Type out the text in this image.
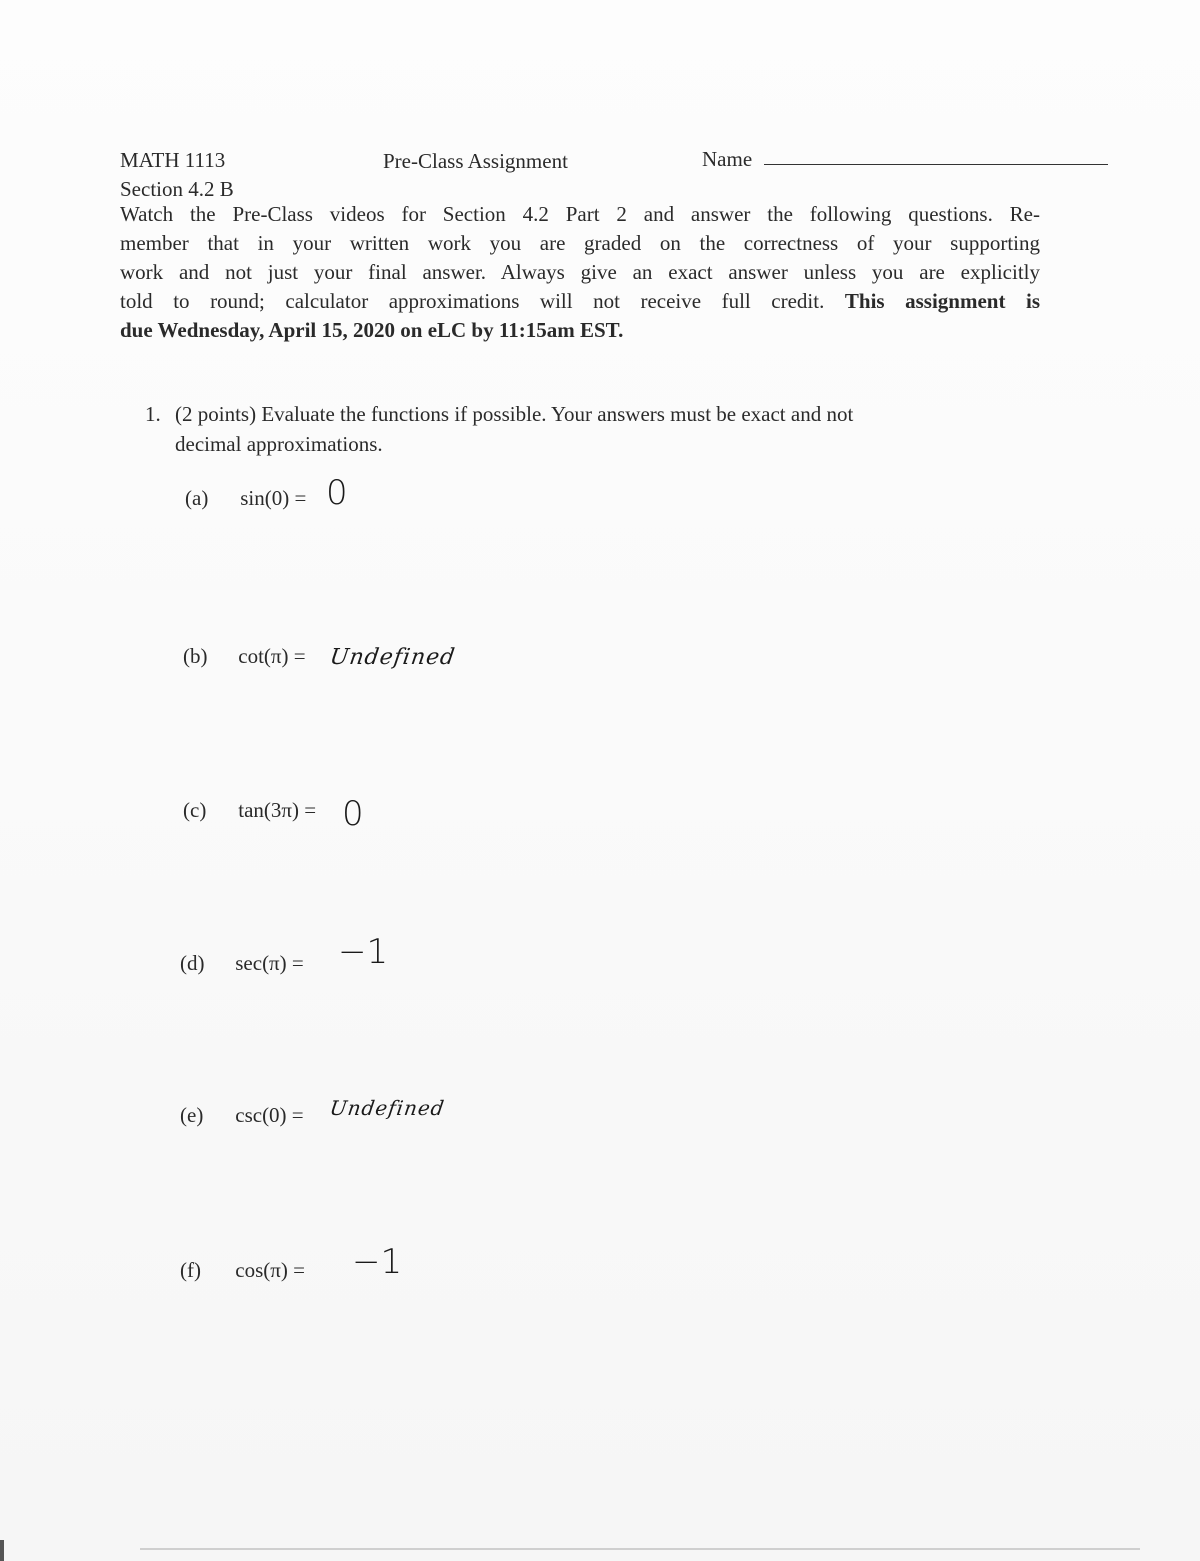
MATH 1113	Pre-Class Assignment	Name
Section 4.2 B
Watch the Pre-Class videos for Section 4.2 Part 2 and answer the following questions. Re-
member that in your written work you are graded on the correctness of your supporting
work and not just your final answer. Always give an exact answer unless you are explicitly
told to round; calculator approximations will not receive full credit. This assignment is
due Wednesday, April 15, 2020 on eLC by 11:15am EST.
1. (2 points) Evaluate the functions if possible. Your answers must be exact and not
decimal approximations.
(a) sin(0) = 0
(b) cot(π) = Undefined
(c) tan(3π) = 0
(d) sec(π) = −1
(e) csc(0) = Undefined
(f) cos(π) = −1
